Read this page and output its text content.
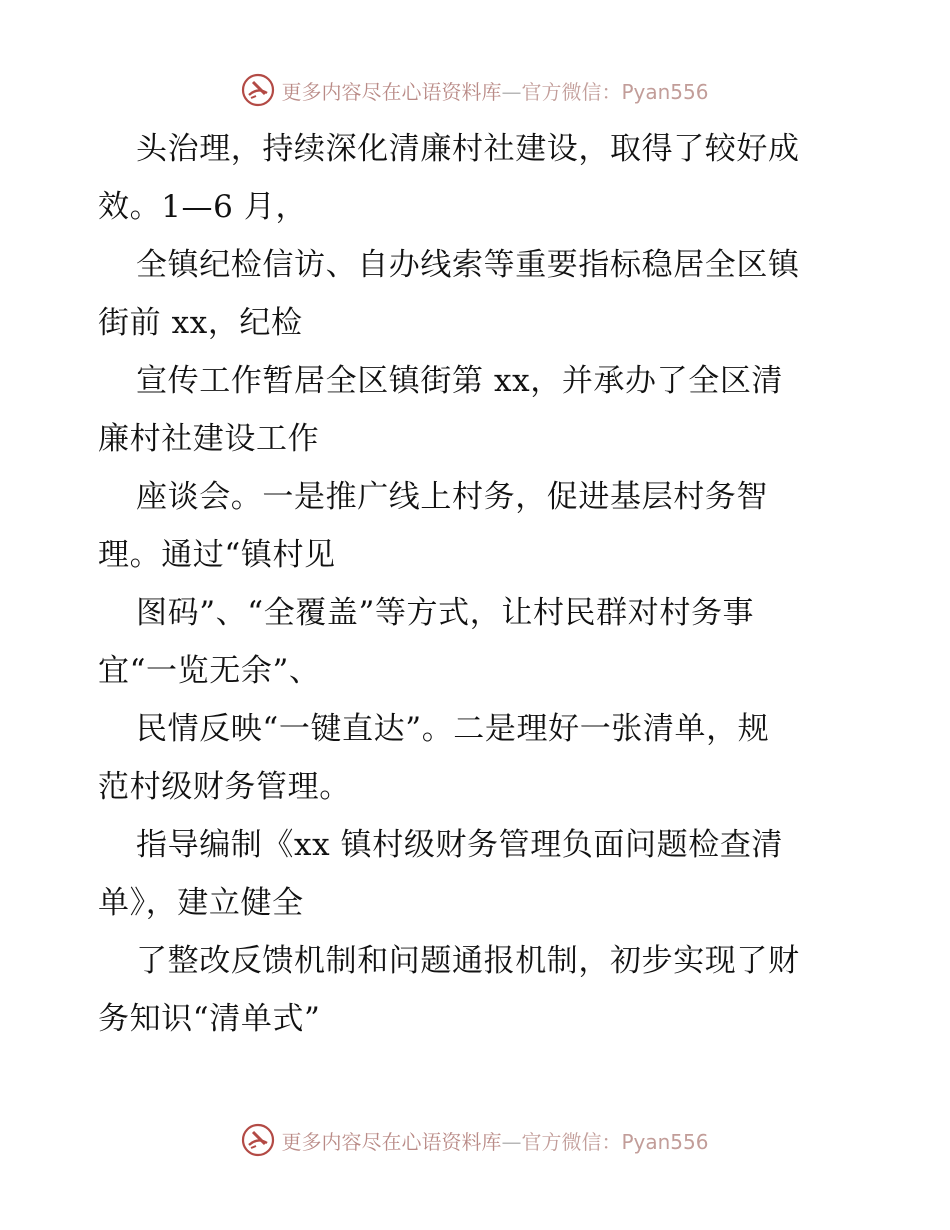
更多内容尽在心语资料库—官方微信：Pyan556
头治理，持续深化清廉村社建设，取得了较好成
效。1—6 月，
全镇纪检信访、自办线索等重要指标稳居全区镇
街前 xx，纪检
宣传工作暂居全区镇街第 xx，并承办了全区清
廉村社建设工作
座谈会。一是推广线上村务，促进基层村务智
理。通过“镇村见
图码”、“全覆盖”等方式，让村民群对村务事
宜“一览无余”、
民情反映“一键直达”。二是理好一张清单，规
范村级财务管理。
指导编制《xx 镇村级财务管理负面问题检查清
单》，建立健全
了整改反馈机制和问题通报机制，初步实现了财
务知识“清单式”
更多内容尽在心语资料库—官方微信：Pyan556
